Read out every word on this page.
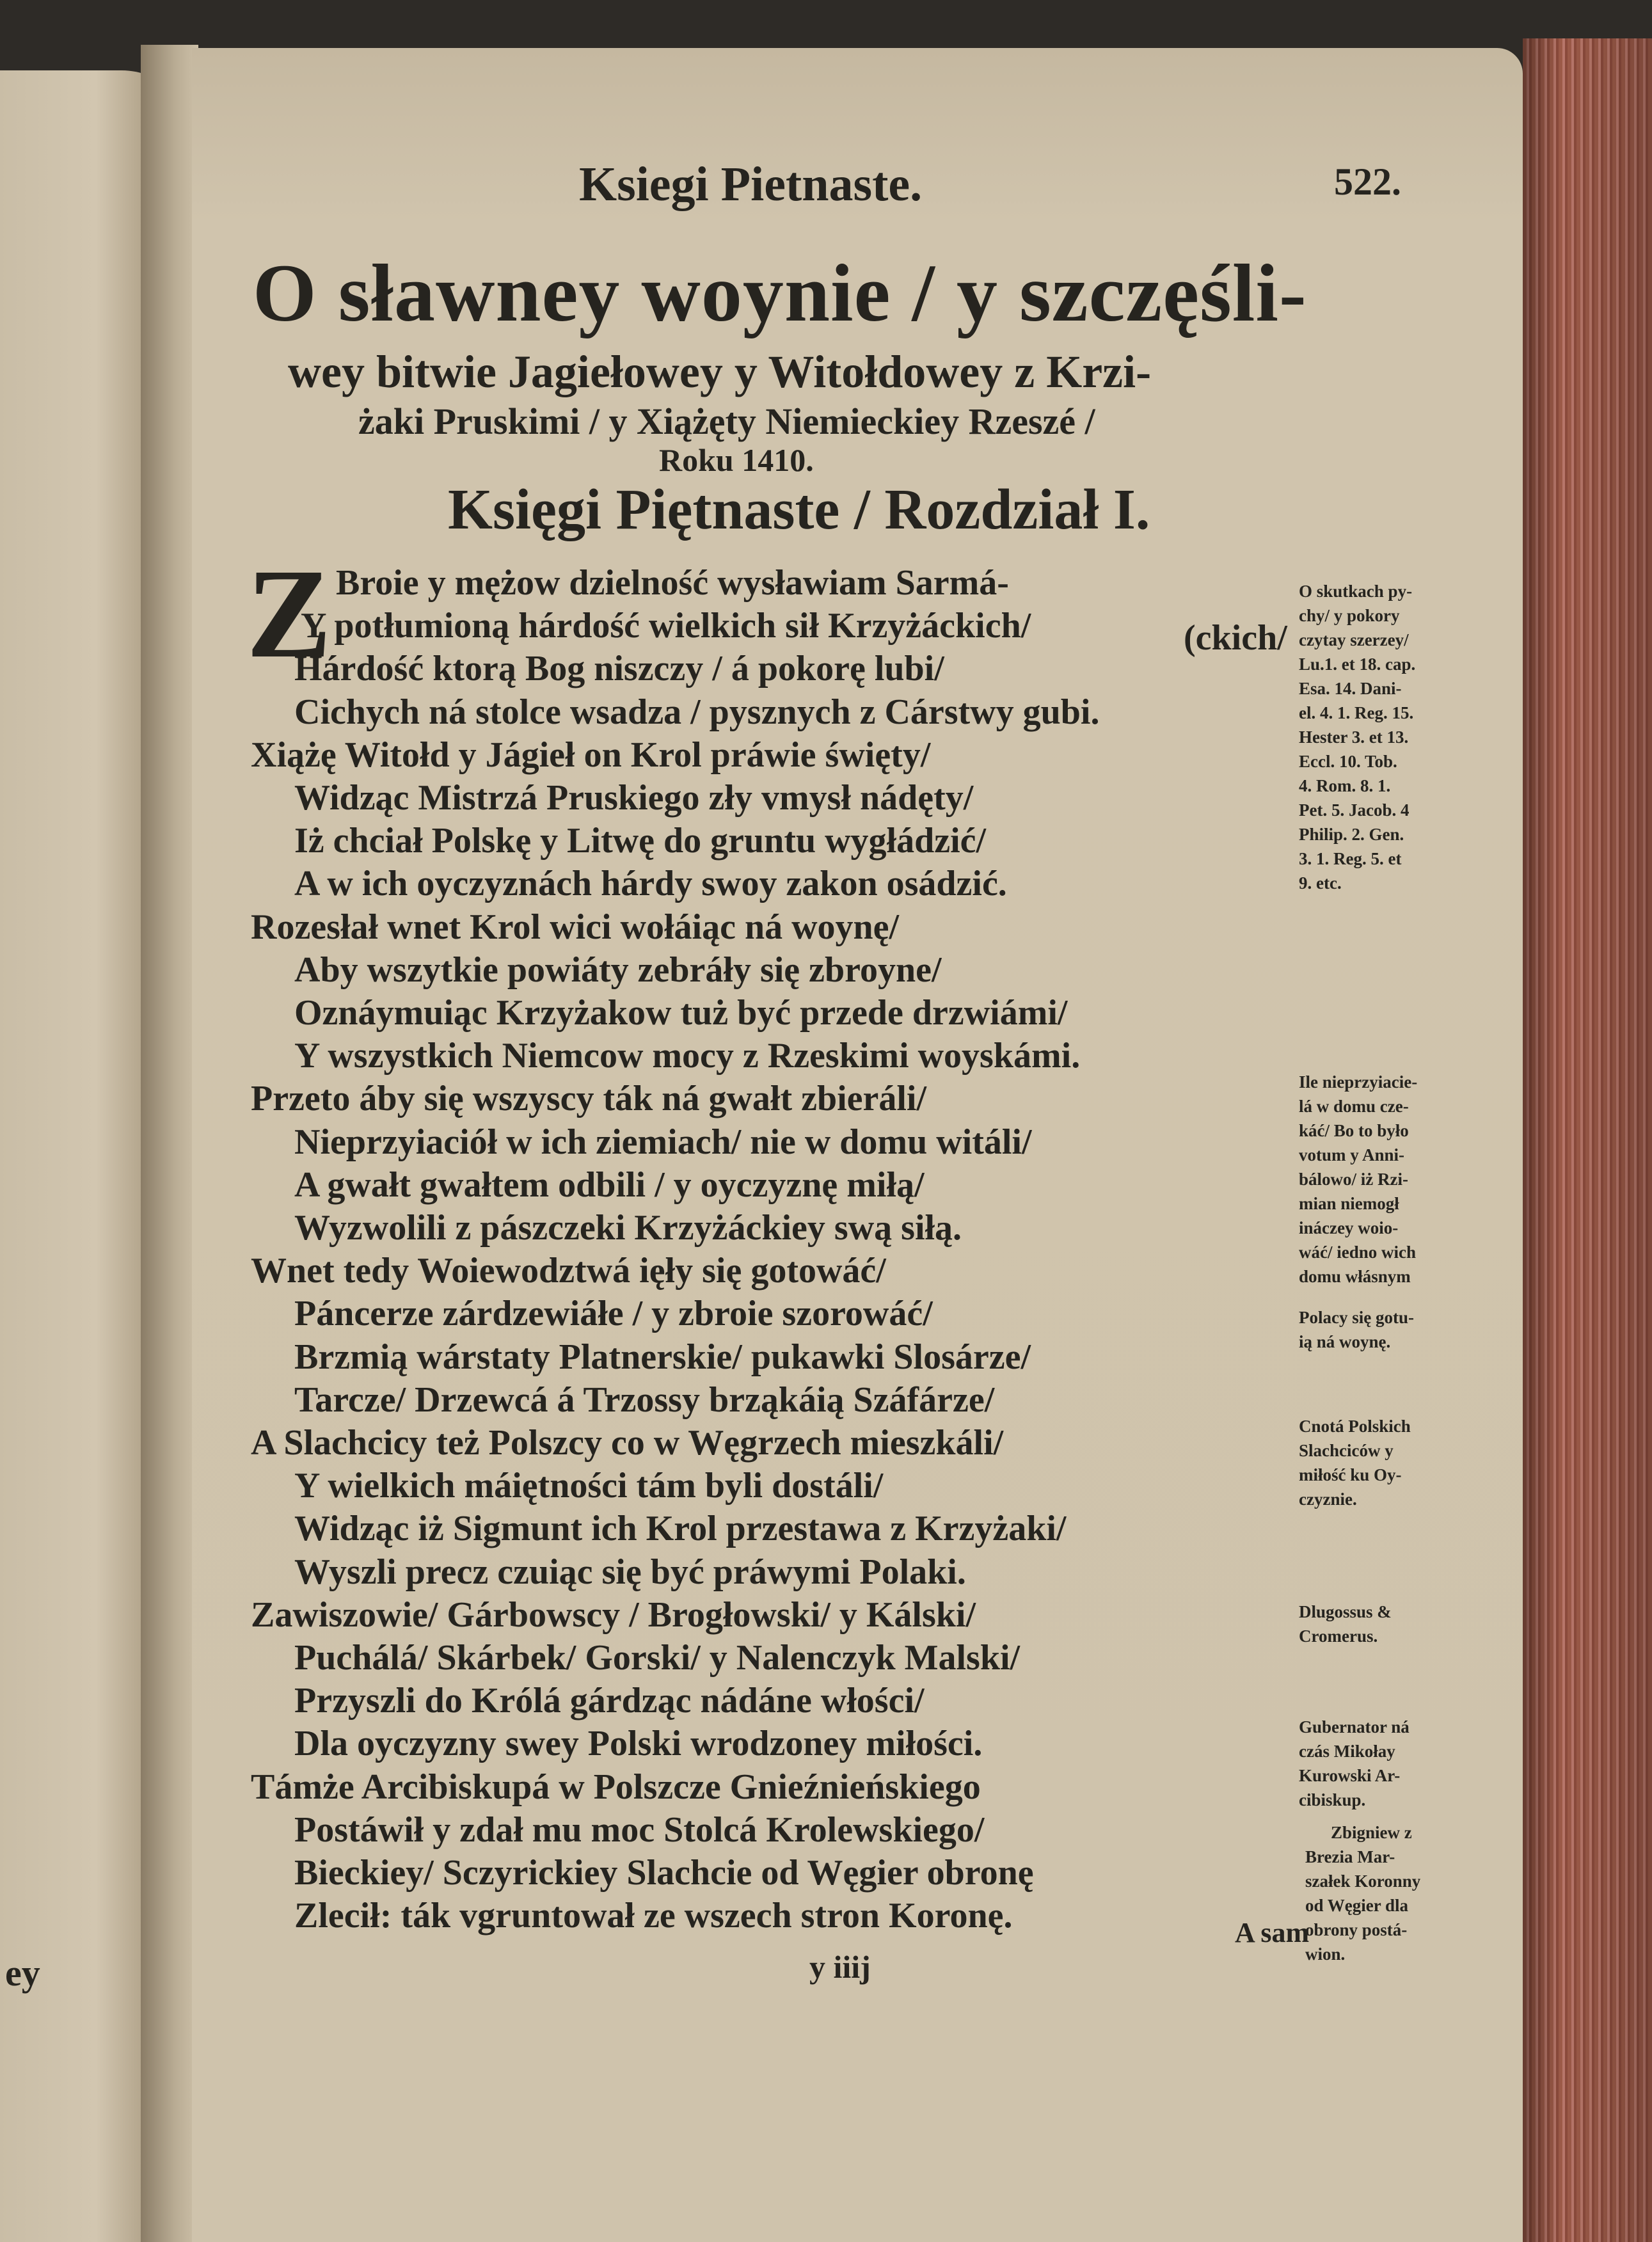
ey
Ksiegi Pietnaste.	522.
O sławney woynie / y szczęśli-
wey bitwie Jagiełowey y Witołdowey z Krzi-
żaki Pruskimi / y Xiążęty Niemieckiey Rzeszé /
Roku 1410.
Księgi Piętnaste / Rozdział I.
Z Broie y mężow dzielność wysławiam Sarmá-
Y potłumioną hárdość wielkich sił Krzyżáckich/
Hárdość ktorą Bog niszczy / á pokorę lubi/
Cichych ná stolce wsadza / pysznych z Cárstwy gubi.
Xiążę Witołd y Jágieł on Krol práwie święty/
Widząc Mistrzá Pruskiego zły vmysł nádęty/
Iż chciał Polskę y Litwę do gruntu wygłádzić/
A w ich oyczyznách hárdy swoy zakon osádzić.
Rozesłał wnet Krol wici wołáiąc ná woynę/
Aby wszytkie powiáty zebráły się zbroyne/
Oznáymuiąc Krzyżakow tuż być przede drzwiámi/
Y wszystkich Niemcow mocy z Rzeskimi woyskámi.
Przeto áby się wszyscy ták ná gwałt zbieráli/
Nieprzyiaciół w ich ziemiach/ nie w domu witáli/
A gwałt gwałtem odbili / y oyczyznę miłą/
Wyzwolili z pászczeki Krzyżáckiey swą siłą.
Wnet tedy Woiewodztwá ięły się gotowáć/
Páncerze zárdzewiáłe / y zbroie szorowáć/
Brzmią wárstaty Platnerskie/ pukawki Slosárze/
Tarcze/ Drzewcá á Trzossy brząkáią Száfárze/
A Slachcicy też Polszcy co w Węgrzech mieszkáli/
Y wielkich máiętności tám byli dostáli/
Widząc iż Sigmunt ich Krol przestawa z Krzyżaki/
Wyszli precz czuiąc się być práwymi Polaki.
Zawiszowie/ Gárbowscy / Brogłowski/ y Kálski/
Puchálá/ Skárbek/ Gorski/ y Nalenczyk Malski/
Przyszli do Królá gárdząc nádáne włości/
Dla oyczyzny swey Polski wrodzoney miłości.
Támże Arcibiskupá w Polszcze Gnieźnieńskiego
Postáwił y zdał mu moc Stolcá Krolewskiego/
Bieckiey/ Sczyrickiey Slachcie od Węgier obronę
Zlecił: ták vgruntował ze wszech stron Koronę.
(ckich/
O skutkach py-
chy/ y pokory
czytay szerzey/
Lu.1. et 18. cap.
Esa. 14. Dani-
el. 4. 1. Reg. 15.
Hester 3. et 13.
Eccl. 10. Tob.
4. Rom. 8. 1.
Pet. 5. Jacob. 4
Philip. 2. Gen.
3. 1. Reg. 5. et
9. etc.
Ile nieprzyiacie-
lá w domu cze-
káć/ Bo to było
votum y Anni-
bálowo/ iż Rzi-
mian niemogł
ináczey woio-
wáć/ iedno wich
domu włásnym
Polacy się gotu-
ią ná woynę.
Cnotá Polskich
Slachciców y
miłość ku Oy-
czyznie.
Dlugossus &
Cromerus.
Gubernator ná
czás Mikołay
Kurowski Ar-
cibiskup.
Zbigniew z
Brezia Mar-
szałek Koronny
od Węgier dla
obrony postá-
wion.
A sam
y iiij
